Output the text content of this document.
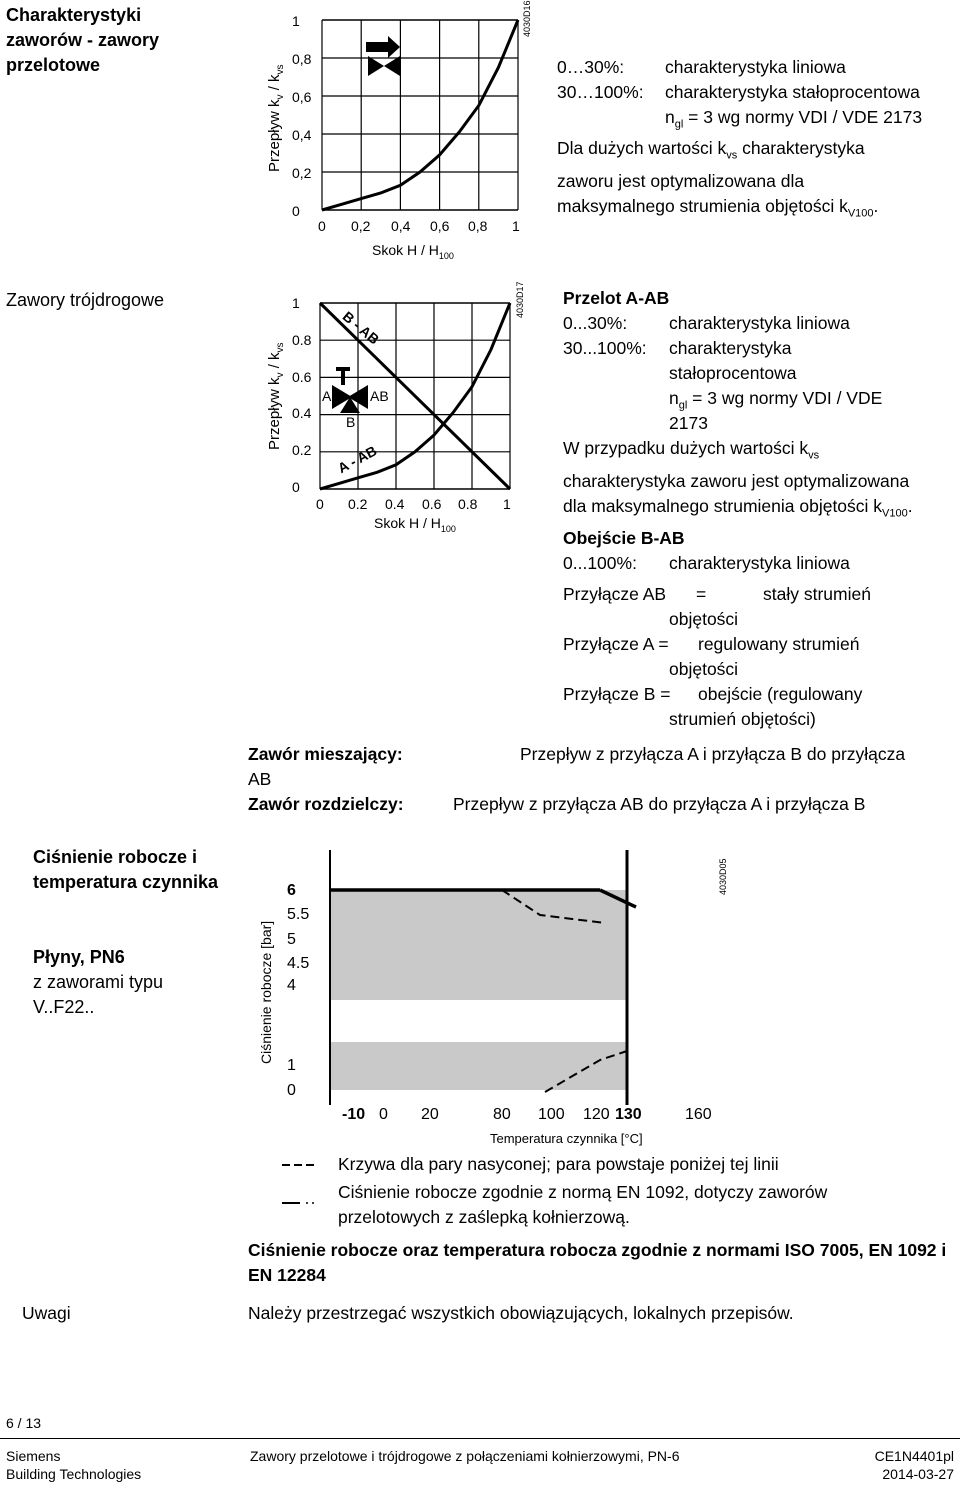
Charakterystyki zaworów - zawory przelotowe
Przepływ $k_v / k_{vs}$
4030D16
1
0,8
0,6
0,4
0,2
0
0 0,2 0,4 0,6 0,8 1
Skok H / $H_{100}$
0…30%: charakterystyka liniowa
30…100%: charakterystyka stałoprocentowa
$n_{gl} = 3$ wg normy VDI / VDE 2173
Dla dużych wartości $k_{vs}$ charakterystyka zaworu jest optymalizowana dla maksymalnego strumienia objętości $k_{V100}$.
Zawory trójdrogowe
Przepływ $k_v / k_{vs}$
4030D17
1
0.8
0.6
0.4
0.2
0
0 0.2 0.4 0.6 0.8 1
Skok H / $H_{100}$
B - AB
A - AB
A	AB
B
Przelot A-AB
0...30%: charakterystyka liniowa
30...100%: charakterystyka
stałoprocentowa
$n_{gl} = 3$ wg normy VDI / VDE
2173
W przypadku dużych wartości $k_{vs}$
charakterystyka zaworu jest optymalizowana
dla maksymalnego strumienia objętości $k_{V100}$.
Obejście B-AB
0...100%: charakterystyka liniowa
Przyłącze AB =	stały strumień
objętości
Przyłącze A = regulowany strumień
objętości
Przyłącze B = obejście (regulowany
strumień objętości)
Zawór mieszający:	Przepływ z przyłącza A i przyłącza B do przyłącza
AB
Zawór rozdzielczy:	Przepływ z przyłącza AB do przyłącza A i przyłącza B
Ciśnienie robocze i temperatura czynnika
Płyny, PN6
z zaworami typu V..F22..	Ciśnienie robocze [bar]
4030D05
6
5.5
5
4.5
4
1
0
-10 0 20	80 100 120 130	160
Temperatura czynnika [°C]
Krzywa dla pary nasyconej; para powstaje poniżej tej linii
Ciśnienie robocze zgodnie z normą EN 1092, dotyczy zaworów przelotowych z zaślepką kołnierzową.
Ciśnienie robocze oraz temperatura robocza zgodnie z normami ISO 7005, EN 1092 i EN 12284
Uwagi	Należy przestrzegać wszystkich obowiązujących, lokalnych przepisów.
6 / 13
Siemens
Building Technologies
Zawory przelotowe i trójdrogowe z połączeniami kołnierzowymi, PN-6	CE1N4401pl
2014-03-27
